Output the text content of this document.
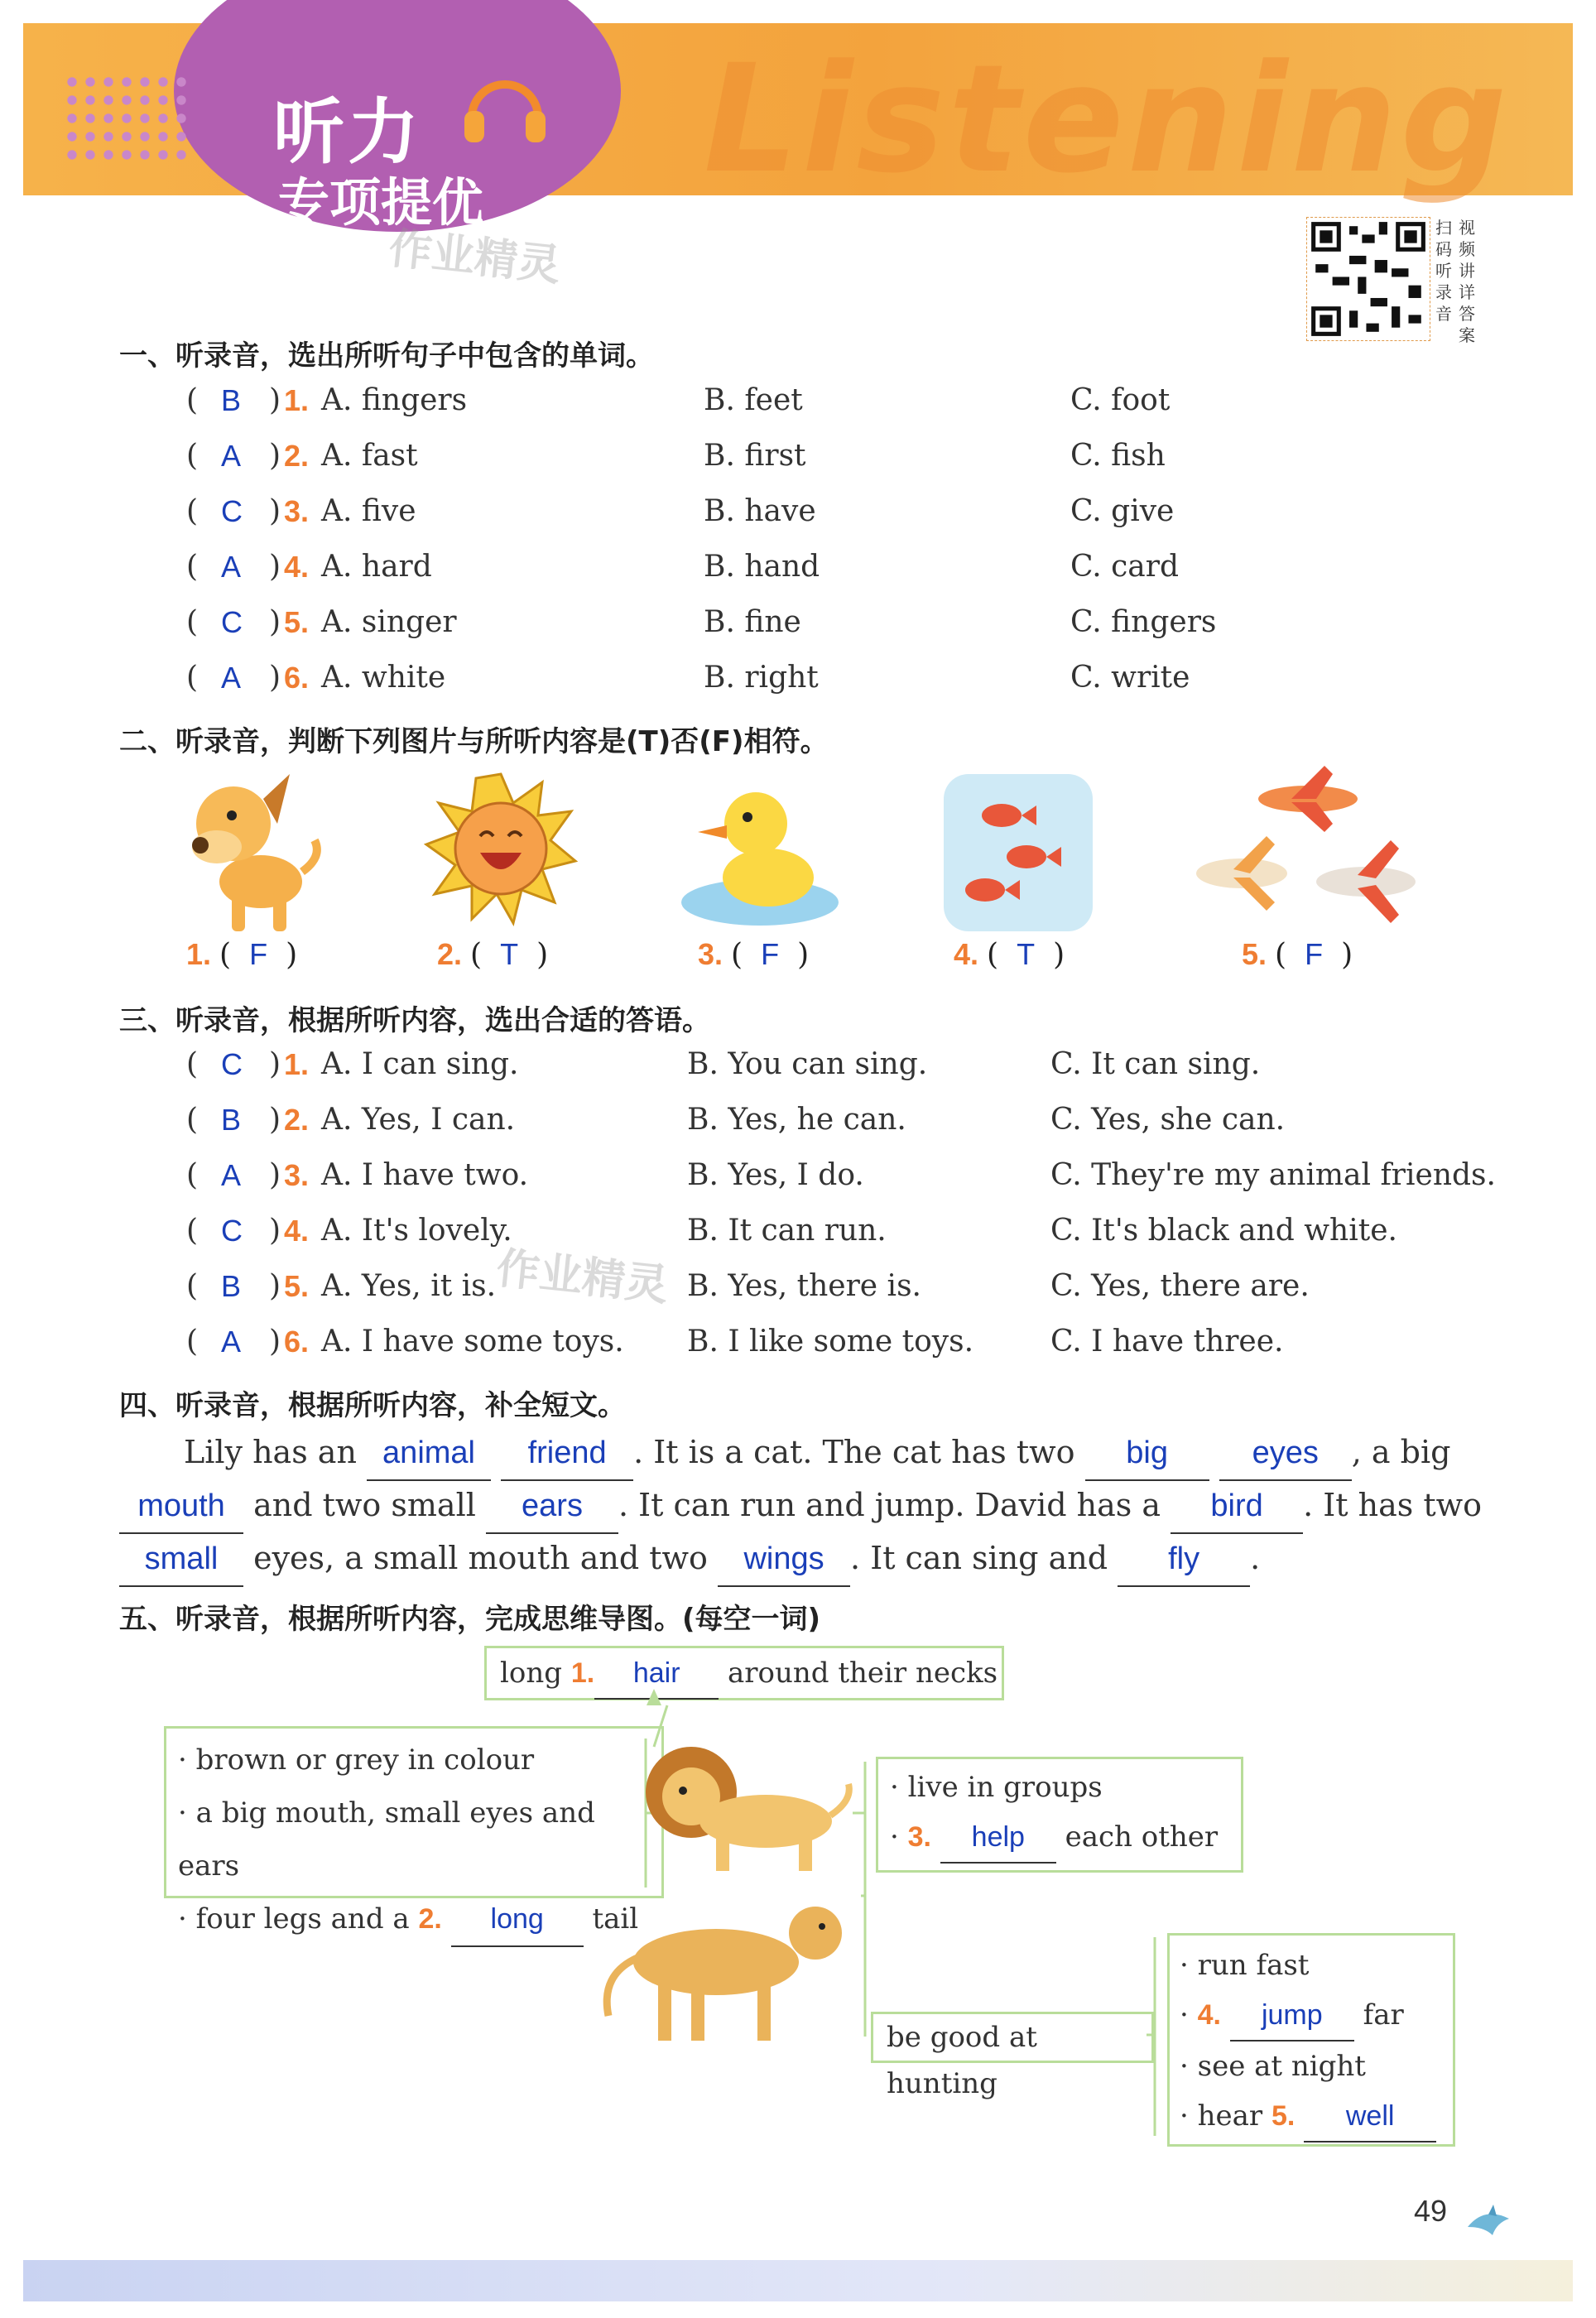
听力
专项提优 Listening
作业精灵	扫码听录音
视频讲详答案
一、听录音，选出所听句子中包含的单词。
( B ) 1. A. fingers	B. feet	C. foot
( A ) 2. A. fast	B. first	C. fish
( C ) 3. A. five	B. have	C. give
( A ) 4. A. hard	B. hand	C. card
( C ) 5. A. singer	B. fine	C. fingers
( A ) 6. A. white	B. right	C. write
二、听录音，判断下列图片与所听内容是(T)否(F)相符。
1. ( F )	2. ( T )	3. ( F )	4. ( T )	5. ( F )
三、听录音，根据所听内容，选出合适的答语。
( C ) 1. A. I can sing.	B. You can sing.	C. It can sing.
( B ) 2. A. Yes, I can.	B. Yes, he can.	C. Yes, she can.
( A ) 3. A. I have two.	B. Yes, I do.	C. They're my animal friends.
( C ) 4. A. It's lovely.	B. It can run.	C. It's black and white.
( B ) 5. A. Yes, it is.	B. Yes, there is.	C. Yes, there are.
( A ) 6. A. I have some toys. B. I like some toys.	C. I have three.
作业精灵
四、听录音，根据所听内容，补全短文。
Lily has an animal friend . It is a cat. The cat has two big	eyes , a big
mouth and two small ears . It can run and jump. David has a bird . It has two
small eyes, a small mouth and two wings . It can sing and fly .
五、听录音，根据所听内容，完成思维导图。(每空一词)
long 1. hair around their necks
· brown or grey in colour
· a big mouth, small eyes and ears
· four legs and a 2. long tail
· live in groups
· 3. help each other
be good at hunting
· run fast
· 4. jump far
· see at night
· hear 5. well
49
